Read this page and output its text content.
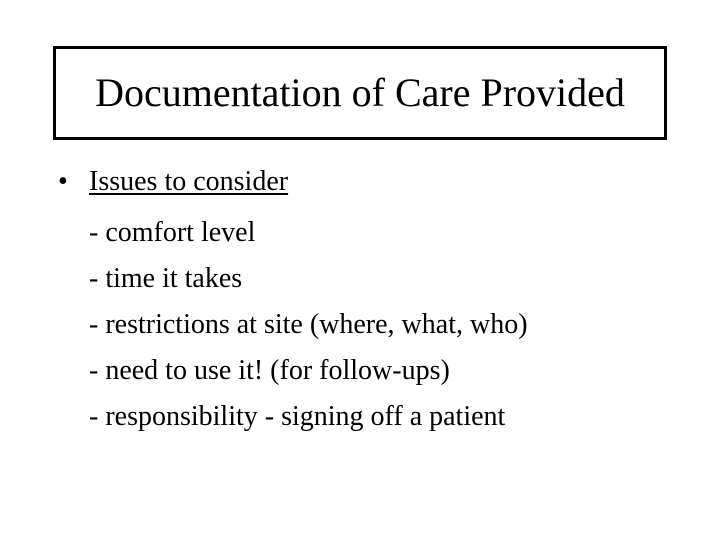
Documentation of Care Provided
• Issues to consider
- comfort level
- time it takes
- restrictions at site (where, what, who)
- need to use it! (for follow-ups)
- responsibility - signing off a patient
